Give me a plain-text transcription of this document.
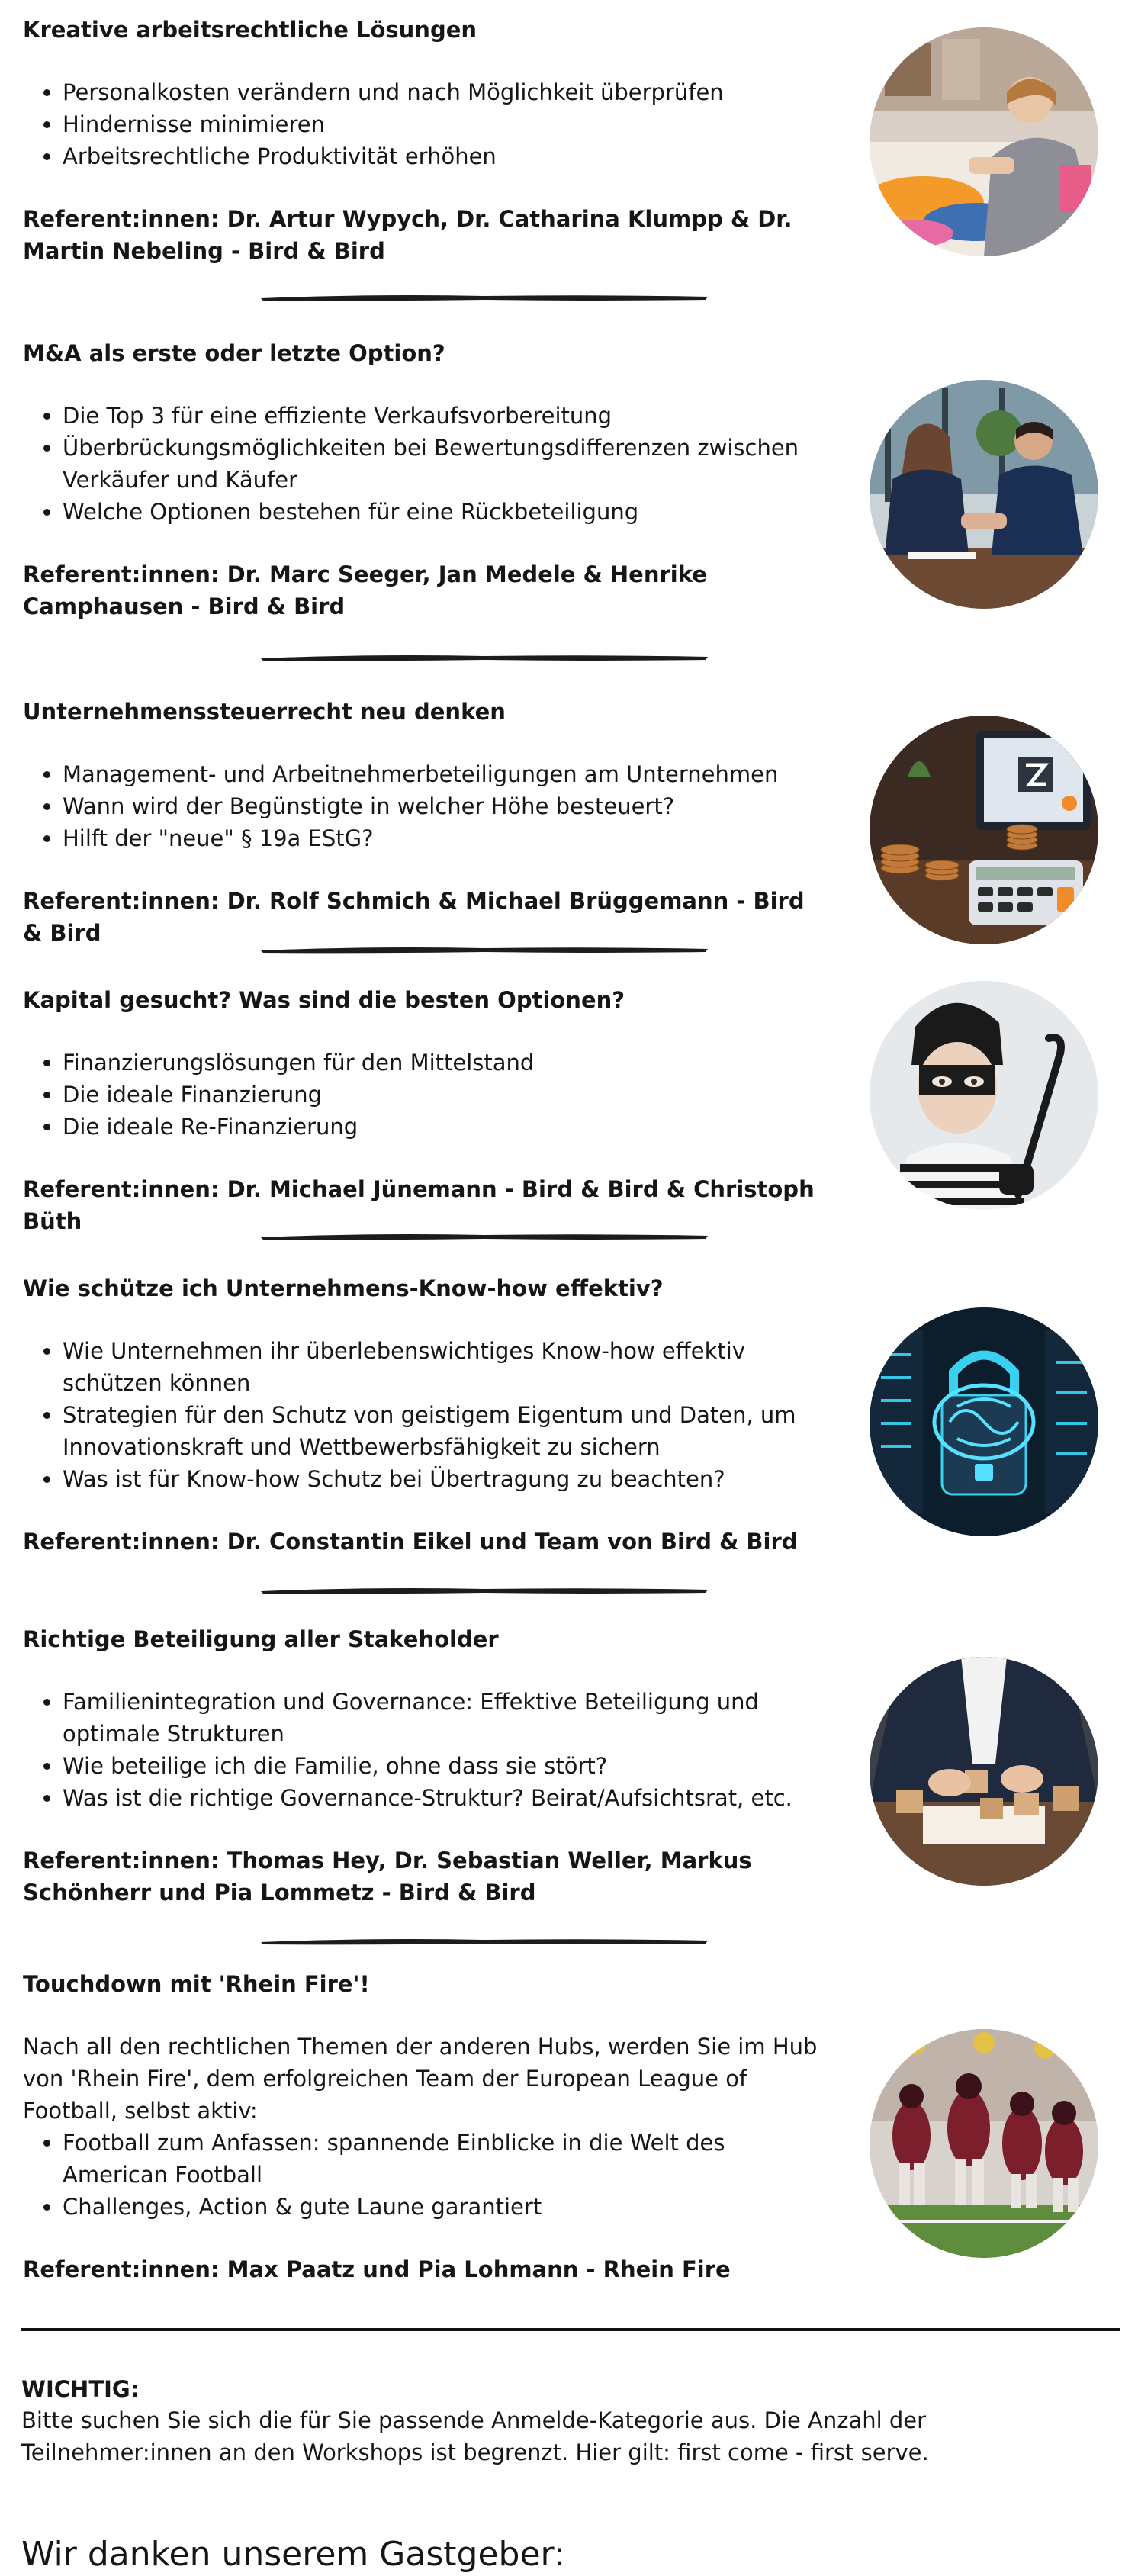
Kreative arbeitsrechtliche Lösungen
• Personalkosten verändern und nach Möglichkeit überprüfen
• Hindernisse minimieren
• Arbeitsrechtliche Produktivität erhöhen

Referent:innen: Dr. Artur Wypych, Dr. Catharina Klumpp & Dr. Martin Nebeling - Bird & Bird

M&A als erste oder letzte Option?
• Die Top 3 für eine effiziente Verkaufsvorbereitung
• Überbrückungsmöglichkeiten bei Bewertungsdifferenzen zwischen Verkäufer und Käufer
• Welche Optionen bestehen für eine Rückbeteiligung

Referent:innen: Dr. Marc Seeger, Jan Medele & Henrike Camphausen - Bird & Bird

Unternehmenssteuerrecht neu denken
• Management- und Arbeitnehmerbeteiligungen am Unternehmen
• Wann wird der Begünstigte in welcher Höhe besteuert?
• Hilft der "neue" § 19a EStG?

Referent:innen: Dr. Rolf Schmich & Michael Brüggemann - Bird & Bird

Kapital gesucht? Was sind die besten Optionen?
• Finanzierungslösungen für den Mittelstand
• Die ideale Finanzierung
• Die ideale Re-Finanzierung

Referent:innen: Dr. Michael Jünemann - Bird & Bird & Christoph Büth

Wie schütze ich Unternehmens-Know-how effektiv?
• Wie Unternehmen ihr überlebenswichtiges Know-how effektiv schützen können
• Strategien für den Schutz von geistigem Eigentum und Daten, um Innovationskraft und Wettbewerbsfähigkeit zu sichern
• Was ist für Know-how Schutz bei Übertragung zu beachten?

Referent:innen: Dr. Constantin Eikel und Team von Bird & Bird

Richtige Beteiligung aller Stakeholder
• Familienintegration und Governance: Effektive Beteiligung und optimale Strukturen
• Wie beteilige ich die Familie, ohne dass sie stört?
• Was ist die richtige Governance-Struktur? Beirat/Aufsichtsrat, etc.

Referent:innen: Thomas Hey, Dr. Sebastian Weller, Markus Schönherr und Pia Lommetz - Bird & Bird

Touchdown mit 'Rhein Fire'!

Nach all den rechtlichen Themen der anderen Hubs, werden Sie im Hub von 'Rhein Fire', dem erfolgreichen Team der European League of Football, selbst aktiv:

• Football zum Anfassen: spannende Einblicke in die Welt des American Football
• Challenges, Action & gute Laune garantiert

Referent:innen: Max Paatz und Pia Lohmann - Rhein Fire

WICHTIG:

Bitte suchen Sie sich die für Sie passende Anmelde-Kategorie aus. Die Anzahl der Teilnehmer:innen an den Workshops ist begrenzt. Hier gilt: first come - first serve.

Wir danken unserem Gastgeber:
